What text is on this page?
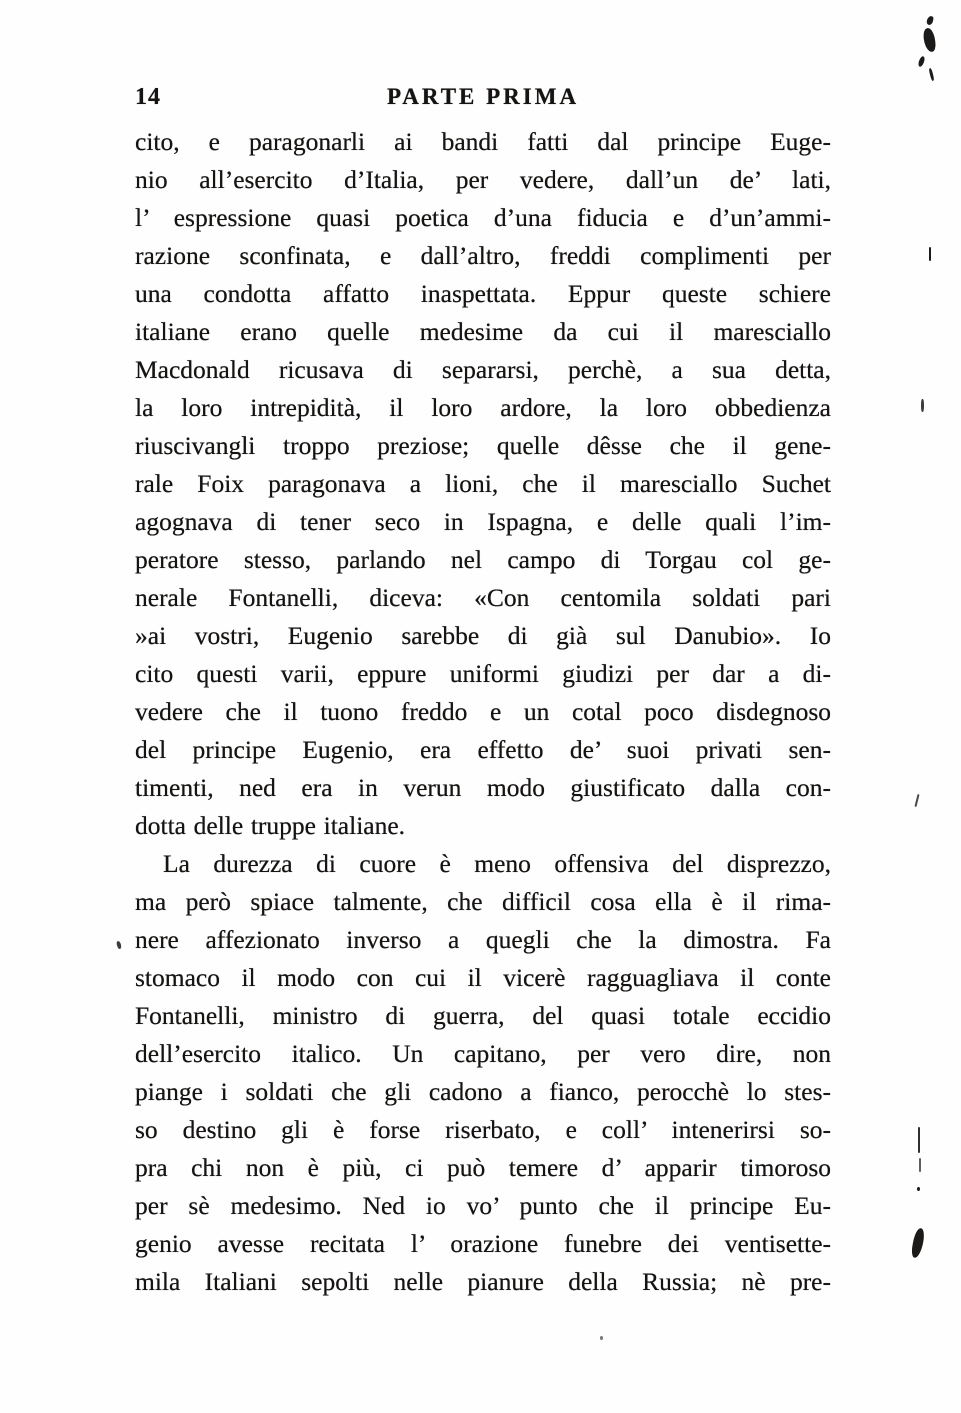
14	PARTE PRIMA
cito, e paragonarli ai bandi fatti dal principe Euge-
nio all’esercito d’Italia, per vedere, dall’un de’ lati,
l’ espressione quasi poetica d’una fiducia e d’un’ammi-
razione sconfinata, e dall’altro, freddi complimenti per
una condotta affatto inaspettata. Eppur queste schiere
italiane erano quelle medesime da cui il maresciallo
Macdonald ricusava di separarsi, perchè, a sua detta,
la loro intrepidità, il loro ardore, la loro obbedienza
riuscivangli troppo preziose; quelle dêsse che il gene-
rale Foix paragonava a lioni, che il maresciallo Suchet
agognava di tener seco in Ispagna, e delle quali l’im-
peratore stesso, parlando nel campo di Torgau col ge-
nerale Fontanelli, diceva: «Con centomila soldati pari
»ai vostri, Eugenio sarebbe di già sul Danubio». Io
cito questi varii, eppure uniformi giudizi per dar a di-
vedere che il tuono freddo e un cotal poco disdegnoso
del principe Eugenio, era effetto de’ suoi privati sen-
timenti, ned era in verun modo giustificato dalla con-
dotta delle truppe italiane.
La durezza di cuore è meno offensiva del disprezzo,
ma però spiace talmente, che difficil cosa ella è il rima-
nere affezionato inverso a quegli che la dimostra. Fa
stomaco il modo con cui il vicerè ragguagliava il conte
Fontanelli, ministro di guerra, del quasi totale eccidio
dell’esercito italico. Un capitano, per vero dire, non
piange i soldati che gli cadono a fianco, perocchè lo stes-
so destino gli è forse riserbato, e coll’ intenerirsi so-
pra chi non è più, ci può temere d’ apparir timoroso
per sè medesimo. Ned io vo’ punto che il principe Eu-
genio avesse recitata l’ orazione funebre dei ventisette-
mila Italiani sepolti nelle pianure della Russia; nè pre-
